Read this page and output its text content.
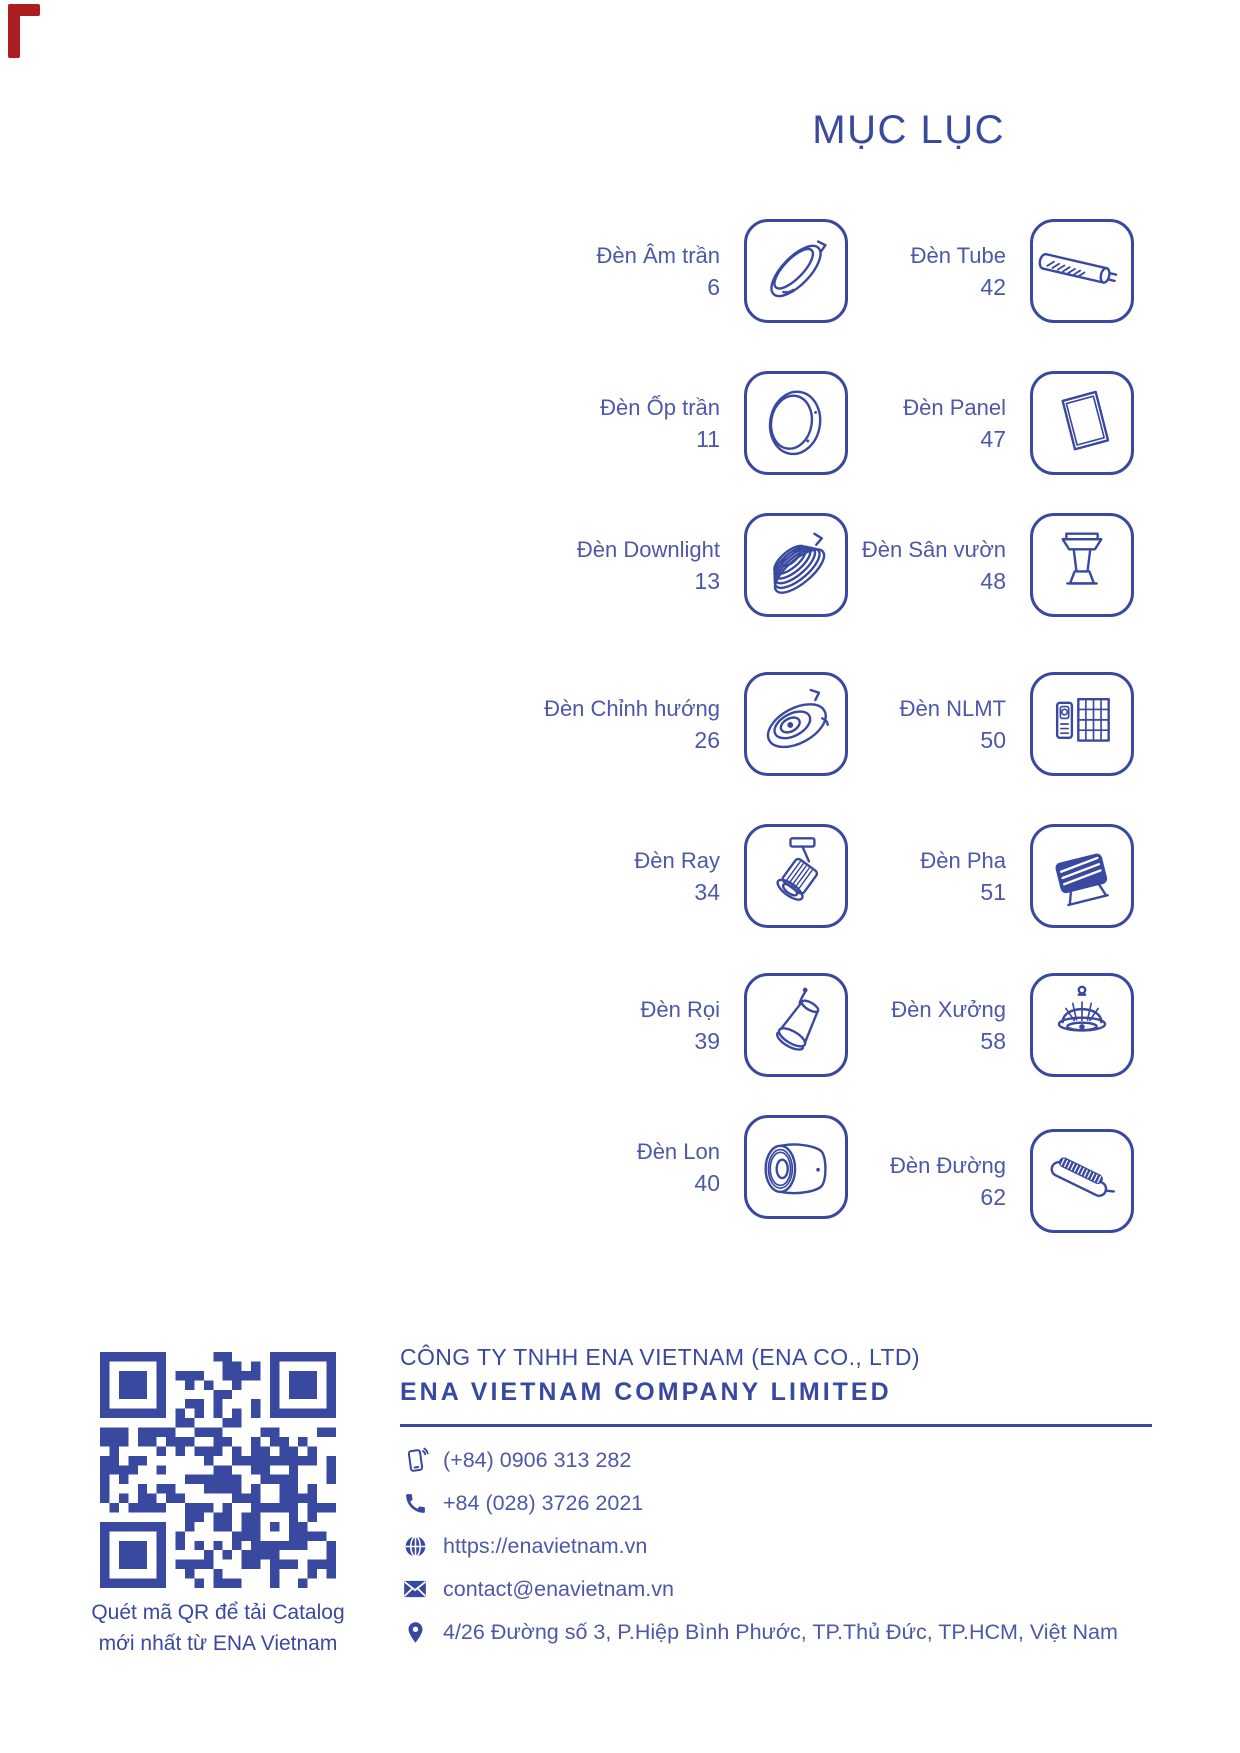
MỤC LỤC
Đèn Âm trần
6
Đèn Tube
42
Đèn Ốp trần
11
Đèn Panel
47
Đèn Downlight
13
Đèn Sân vườn
48
Đèn Chỉnh hướng
26
Đèn NLMT
50
Đèn Ray
34
Đèn Pha
51
Đèn Rọi
39
Đèn Xưởng
58
Đèn Lon
40
Đèn Đường
62
Quét mã QR để tải Catalog
mới nhất từ ENA Vietnam
CÔNG TY TNHH ENA VIETNAM (ENA CO., LTD)
ENA VIETNAM COMPANY LIMITED
(+84) 0906 313 282
+84 (028) 3726 2021
https://enavietnam.vn
contact@enavietnam.vn
4/26 Đường số 3, P.Hiệp Bình Phước, TP.Thủ Đức, TP.HCM, Việt Nam
